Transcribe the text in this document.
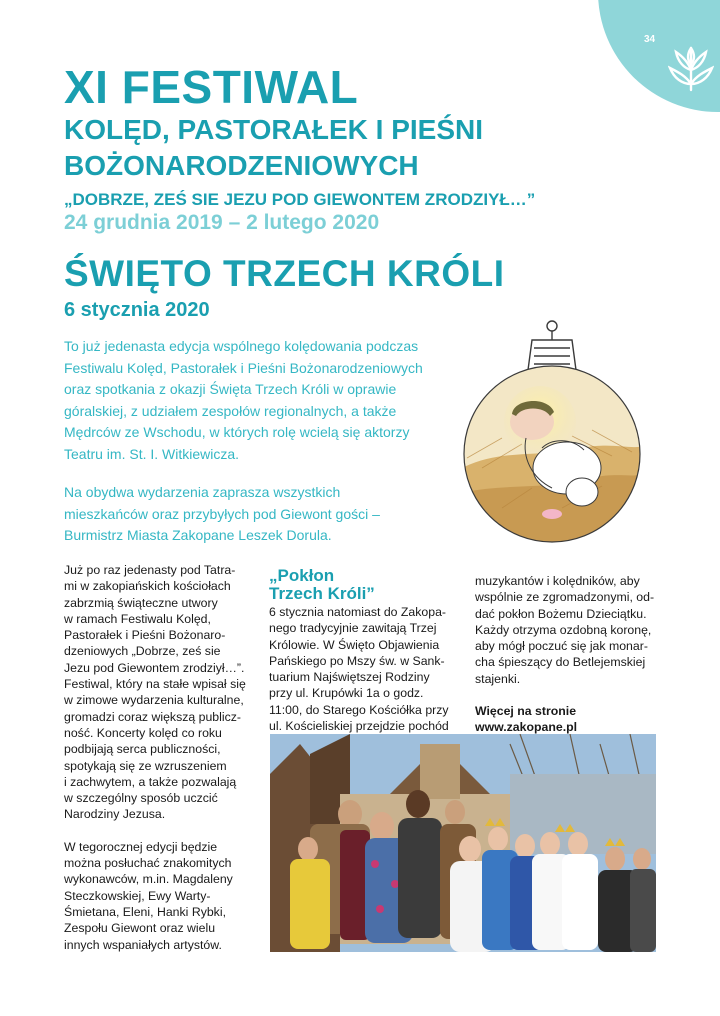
34
XI FESTIWAL
KOLĘD, PASTORAŁEK I PIEŚNI
BOŻONARODZENIOWYCH
„DOBRZE, ZEŚ SIE JEZU POD GIEWONTEM ZRODZIYŁ…”
24 grudnia 2019 – 2 lutego 2020
ŚWIĘTO TRZECH KRÓLI
6 stycznia 2020

To już jedenasta edycja wspólnego kolędowania podczas Festiwalu Kolęd, Pastorałek i Pieśni Bożonarodzeniowych oraz spotkania z okazji Święta Trzech Króli w oprawie góralskiej, z udziałem zespołów regionalnych, a także Mędrców ze Wschodu, w których rolę wcielą się aktorzy Teatru im. St. I. Witkiewicza.

Na obydwa wydarzenia zaprasza wszystkich mieszkańców oraz przybyłych pod Giewont gości – Burmistrz Miasta Zakopane Leszek Dorula.

Już po raz jedenasty pod Tatra-
mi w zakopiańskich kościołach
zabrzmią świąteczne utwory
w ramach Festiwalu Kolęd,
Pastorałek i Pieśni Bożonaro-
dzeniowych „Dobrze, ześ sie
Jezu pod Giewontem zrodziył…”.
Festiwal, który na stałe wpisał się
w zimowe wydarzenia kulturalne,
gromadzi coraz większą publicz-
ność. Koncerty kolęd co roku
podbijają serca publiczności,
spotykają się ze wzruszeniem
i zachwytem, a także pozwalają
w szczególny sposób uczcić
Narodziny Jezusa.

W tegorocznej edycji będzie
można posłuchać znakomitych
wykonawców, m.in. Magdaleny
Steczkowskiej, Ewy Warty-
Śmietana, Eleni, Hanki Rybki,
Zespołu Giewont oraz wielu
innych wspaniałych artystów.

„Pokłon
Trzech Króli”

6 stycznia natomiast do Zakopa-
nego tradycyjnie zawitają Trzej
Królowie. W Święto Objawienia
Pańskiego po Mszy św. w Sank-
tuarium Najświętszej Rodziny
przy ul. Krupówki 1a o godz.
11:00, do Starego Kościółka przy
ul. Kościeliskiej przejdzie pochód

muzykantów i kolędników, aby
wspólnie ze zgromadzonymi, od-
dać pokłon Bożemu Dzieciątku.
Każdy otrzyma ozdobną koronę,
aby mógł poczuć się jak monar-
cha śpieszący do Betlejemskiej
stajenki.

Więcej na stronie

www.zakopane.pl
